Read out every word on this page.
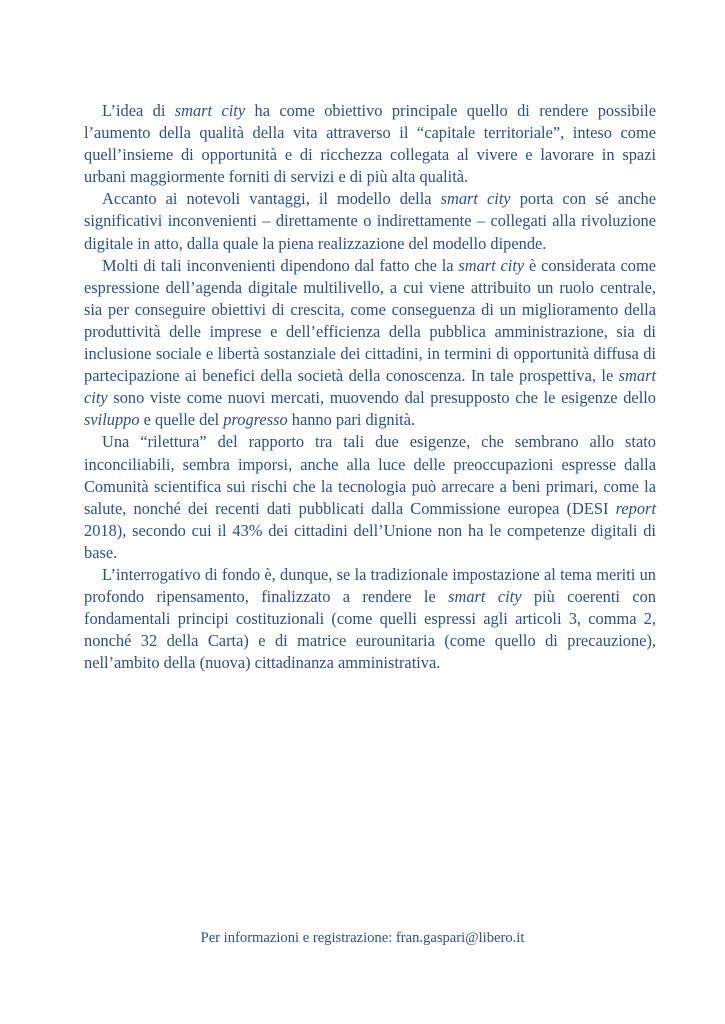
L’idea di smart city ha come obiettivo principale quello di rendere possibile l’aumento della qualità della vita attraverso il “capitale territoriale”, inteso come quell’insieme di opportunità e di ricchezza collegata al vivere e lavorare in spazi urbani maggiormente forniti di servizi e di più alta qualità.

Accanto ai notevoli vantaggi, il modello della smart city porta con sé anche significativi inconvenienti – direttamente o indirettamente – collegati alla rivoluzione digitale in atto, dalla quale la piena realizzazione del modello dipende.

Molti di tali inconvenienti dipendono dal fatto che la smart city è considerata come espressione dell’agenda digitale multilivello, a cui viene attribuito un ruolo centrale, sia per conseguire obiettivi di crescita, come conseguenza di un miglioramento della produttività delle imprese e dell’efficienza della pubblica amministrazione, sia di inclusione sociale e libertà sostanziale dei cittadini, in termini di opportunità diffusa di partecipazione ai benefici della società della conoscenza. In tale prospettiva, le smart city sono viste come nuovi mercati, muovendo dal presupposto che le esigenze dello sviluppo e quelle del progresso hanno pari dignità.

Una “rilettura” del rapporto tra tali due esigenze, che sembrano allo stato inconciliabili, sembra imporsi, anche alla luce delle preoccupazioni espresse dalla Comunità scientifica sui rischi che la tecnologia può arrecare a beni primari, come la salute, nonché dei recenti dati pubblicati dalla Commissione europea (DESI report 2018), secondo cui il 43% dei cittadini dell’Unione non ha le competenze digitali di base.

L’interrogativo di fondo è, dunque, se la tradizionale impostazione al tema meriti un profondo ripensamento, finalizzato a rendere le smart city più coerenti con fondamentali principi costituzionali (come quelli espressi agli articoli 3, comma 2, nonché 32 della Carta) e di matrice eurounitaria (come quello di precauzione), nell’ambito della (nuova) cittadinanza amministrativa.

Per informazioni e registrazione: fran.gaspari@libero.it
